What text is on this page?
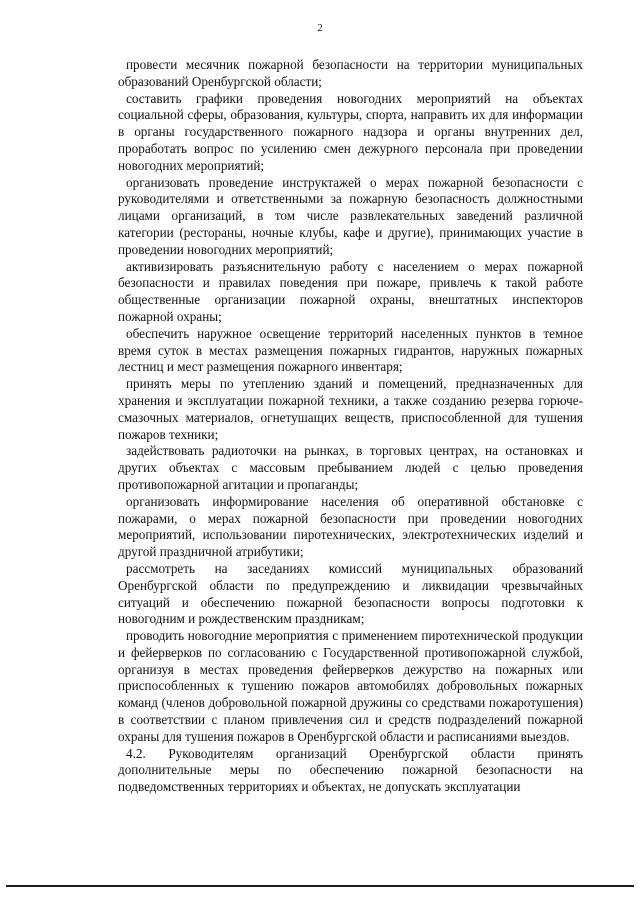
2

провести месячник пожарной безопасности на территории муниципальных образований Оренбургской области;

составить графики проведения новогодних мероприятий на объектах социальной сферы, образования, культуры, спорта, направить их для информации в органы государственного пожарного надзора и органы внутренних дел, проработать вопрос по усилению смен дежурного персонала при проведении новогодних мероприятий;

организовать проведение инструктажей о мерах пожарной безопасности с руководителями и ответственными за пожарную безопасность должностными лицами организаций, в том числе развлекательных заведений различной категории (рестораны, ночные клубы, кафе и другие), принимающих участие в проведении новогодних мероприятий;

активизировать разъяснительную работу с населением о мерах пожарной безопасности и правилах поведения при пожаре, привлечь к такой работе общественные организации пожарной охраны, внештатных инспекторов пожарной охраны;

обеспечить наружное освещение территорий населенных пунктов в темное время суток в местах размещения пожарных гидрантов, наружных пожарных лестниц и мест размещения пожарного инвентаря;

принять меры по утеплению зданий и помещений, предназначенных для хранения и эксплуатации пожарной техники, а также созданию резерва горюче-смазочных материалов, огнетушащих веществ, приспособленной для тушения пожаров техники;

задействовать радиоточки на рынках, в торговых центрах, на остановках и других объектах с массовым пребыванием людей с целью проведения противопожарной агитации и пропаганды;

организовать информирование населения об оперативной обстановке с пожарами, о мерах пожарной безопасности при проведении новогодних мероприятий, использовании пиротехнических, электротехнических изделий и другой праздничной атрибутики;

рассмотреть на заседаниях комиссий муниципальных образований Оренбургской области по предупреждению и ликвидации чрезвычайных ситуаций и обеспечению пожарной безопасности вопросы подготовки к новогодним и рождественским праздникам;

проводить новогодние мероприятия с применением пиротехнической продукции и фейерверков по согласованию с Государственной противопожарной службой, организуя в местах проведения фейерверков дежурство на пожарных или приспособленных к тушению пожаров автомобилях добровольных пожарных команд (членов добровольной пожарной дружины со средствами пожаротушения) в соответствии с планом привлечения сил и средств подразделений пожарной охраны для тушения пожаров в Оренбургской области и расписаниями выездов.

4.2. Руководителям организаций Оренбургской области принять дополнительные меры по обеспечению пожарной безопасности на подведомственных территориях и объектах, не допускать эксплуатации
